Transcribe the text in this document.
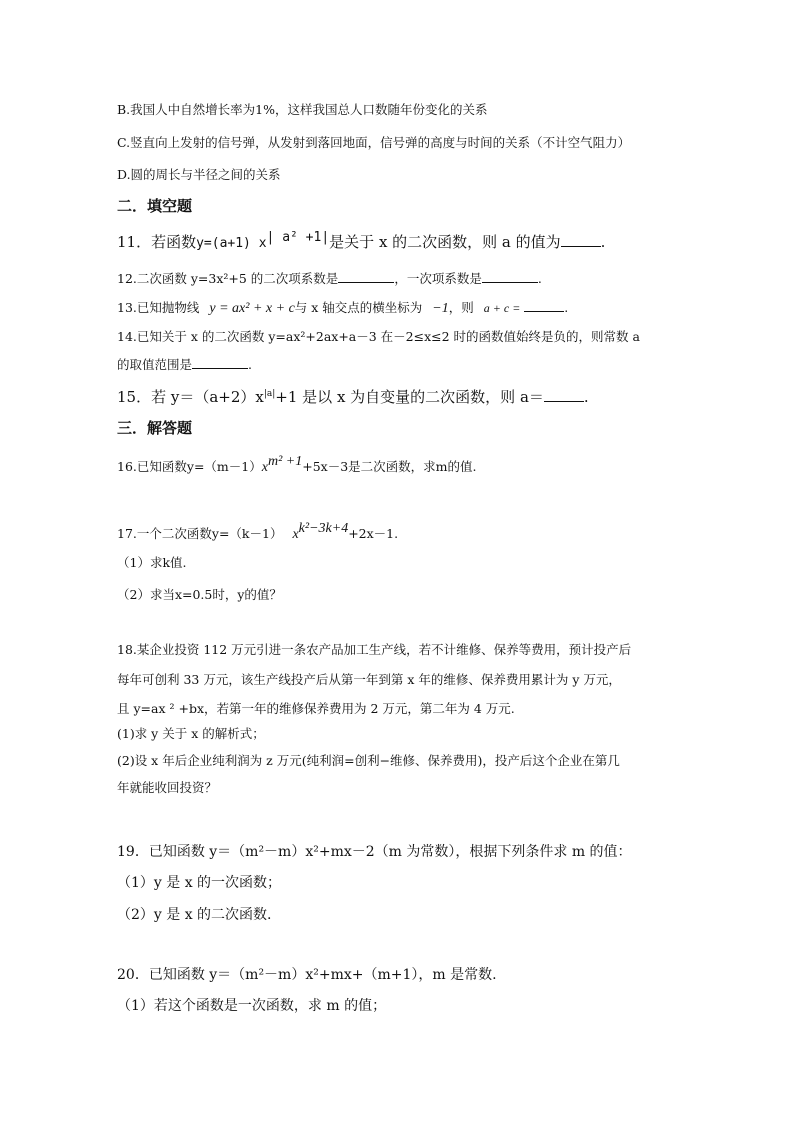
B.我国人中自然增长率为1%，这样我国总人口数随年份变化的关系
C.竖直向上发射的信号弹，从发射到落回地面，信号弹的高度与时间的关系（不计空气阻力）
D.圆的周长与半径之间的关系
二．填空题
11．若函数y=(a+1) $x^{| a^2 +1|}$是关于 x 的二次函数，则 a 的值为	.
12.二次函数 y=3x²+5 的二次项系数是	，一次项系数是	.
13.已知抛物线 y = ax² + x + c与 x 轴交点的横坐标为 −1，则 a + c =	.
14.已知关于 x 的二次函数 y=ax²+2ax+a－3 在－2≤x≤2 时的函数值始终是负的，则常数 a
的取值范围是	.
15．若 $y=(a+2)x^{|a|}+1$ 是以 x 为自变量的二次函数，则 a＝	.
三．解答题
16.已知函数$y=(m-1)x^{m^2 +1}+5x-3$是二次函数，求m的值.
17.一个二次函数y=（k－1） $x^{k^2-3k+4}+2x-1$.
（1）求k值.
（2）求当x=0.5时，y的值？
18.某企业投资 112 万元引进一条农产品加工生产线，若不计维修、保养等费用，预计投产后
每年可创利 33 万元，该生产线投产后从第一年到第 x 年的维修、保养费用累计为 y 万元，
且 y=ax ² +bx，若第一年的维修保养费用为 2 万元，第二年为 4 万元.
(1)求 y 关于 x 的解析式；
(2)设 x 年后企业纯利润为 z 万元(纯利润=创利−维修、保养费用)，投产后这个企业在第几
年就能收回投资？
19．已知函数 y＝（m²－m）x²+mx－2（m 为常数），根据下列条件求 m 的值：
（1）y 是 x 的一次函数；
（2）y 是 x 的二次函数.
20．已知函数 y＝（m²－m）x²+mx+（m+1），m 是常数.
（1）若这个函数是一次函数，求 m 的值；
